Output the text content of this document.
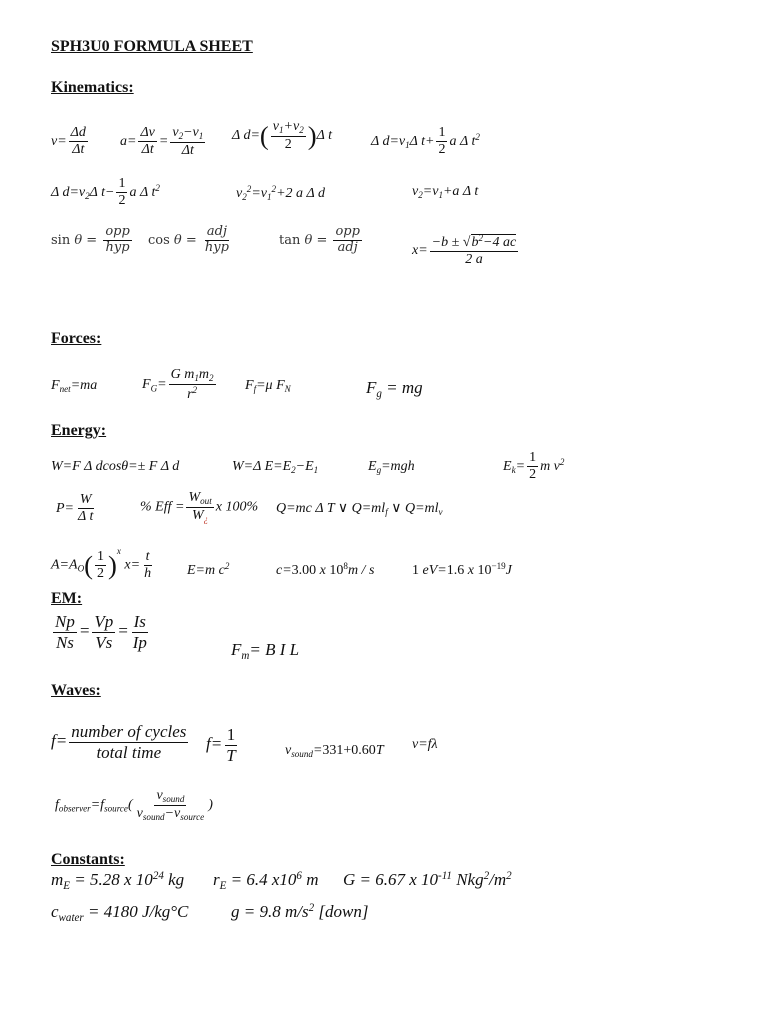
SPH3U0 FORMULA SHEET
Kinematics:
$v= \frac{\Delta d}{\Delta t} a= \frac{\Delta v}{\Delta t} = \frac{v_2-v_1}{\Delta t}$ Δ $d=( \frac{v_1+v_2}{2} )\Delta$ t	Δ $d=v_1\Delta$ $t+ \frac{1}{2}$ a Δ $t^2$
Δ $d=v_2\Delta$ $t- \frac{1}{2}$ a Δ $t^2$	$v_2^2=v_1^2+2$ a Δ d	$v_2=v_1+a$ Δ t
$\sin \theta = \frac{\text{opp}}{\text{hyp}}$ $\cos \theta = \frac{\text{adj}}{\text{hyp}}$	$\tan \theta = \frac{\text{opp}}{\text{adj}}$	$x= \frac{-b \pm √b^2-4 ac}{2 a}$
Forces:
$F_{net}=ma$	$F_G= \frac{G m_1m_2}{r^2} F_f=\mu$ $F_N$	$F_g$ = mg
Energy:
W=F Δ dcosθ=± F Δ d	W=Δ $E=E_2-E_1$	$E_g=mgh$	$E_k= \frac{1}{2}$ m $v^2$
$P= \frac{W}{\text{Δ t}}$	% Eff = $\frac{W_{out}}{W_¿}$ x 100% Q=mc Δ T ∨ $Q=ml_f$ ∨ $Q=ml_v$
$A=A_O( \frac{1}{2} )^x$ $x= \frac{t}{h} E=m$ $c^2$	c=3.00 x $10^8m$ / s	1 eV=1.6 x $10^{-19}J$
EM:
$\frac{Np}{Ns} = \frac{Vp}{Vs} = \frac{Is}{Ip}$	$F_m= B$ I L
Waves:
$f= \frac{\text{number of cycles}}{\text{total time}} f= \frac{1}{T}$	$v_{sound}=331+0.60T$ v=fλ
$f_{observer}=f_{source}( \frac{v_{sound}}{v_{sound}-v_{source}}$ )
Constants:
$m_E = 5.28$ x $10^{24}$ kg $r_E = 6.4$ $x10^6$ m G = 6.67 x $10^{-11}$ $Nkg^2/m^2$
$c_{water} = 4180$ J/kg°C	g = 9.8 $m/s^2$ [down]
